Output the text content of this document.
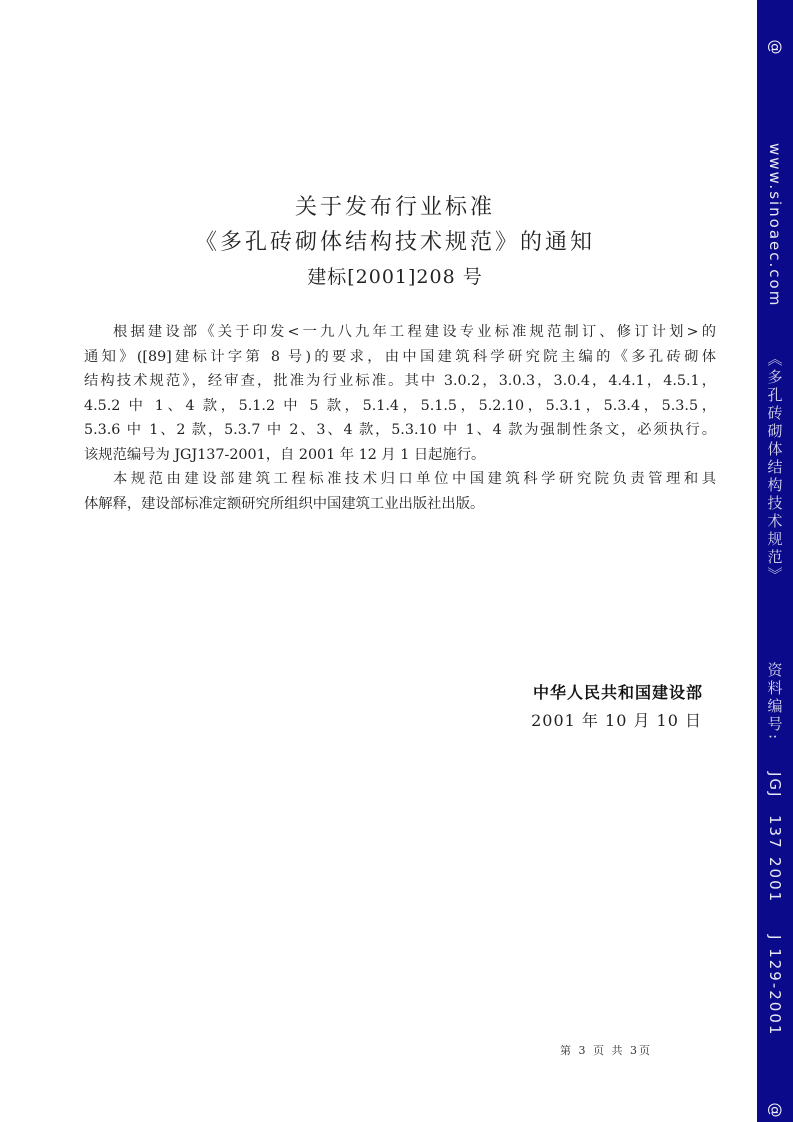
关于发布行业标准
《多孔砖砌体结构技术规范》的通知
建标[2001]208 号

根据建设部《关于印发<一九八九年工程建设专业标准规范制订、修订计划>的
通知》([89]建标计字第 8 号)的要求，由中国建筑科学研究院主编的《多孔砖砌体
结构技术规范》，经审查，批准为行业标准。其中 3.0.2，3.0.3，3.0.4，4.4.1，4.5.1，
4.5.2 中 1、4 款，5.1.2 中 5 款，5.1.4，5.1.5，5.2.10，5.3.1，5.3.4，5.3.5，
5.3.6 中 1、2 款，5.3.7 中 2、3、4 款，5.3.10 中 1、4 款为强制性条文，必须执行。
该规范编号为 JGJ137-2001，自 2001 年 12 月 1 日起施行。

本规范由建设部建筑工程标准技术归口单位中国建筑科学研究院负责管理和具
体解释，建设部标准定额研究所组织中国建筑工业出版社出版。

中华人民共和国建设部
2001 年 10 月 10 日
第 3 页 共 3页
@
www.sinoaec.com
《多孔砖砌体结构技术规范》
资料编号:
JGJ
137
2001
J 129-2001
@
